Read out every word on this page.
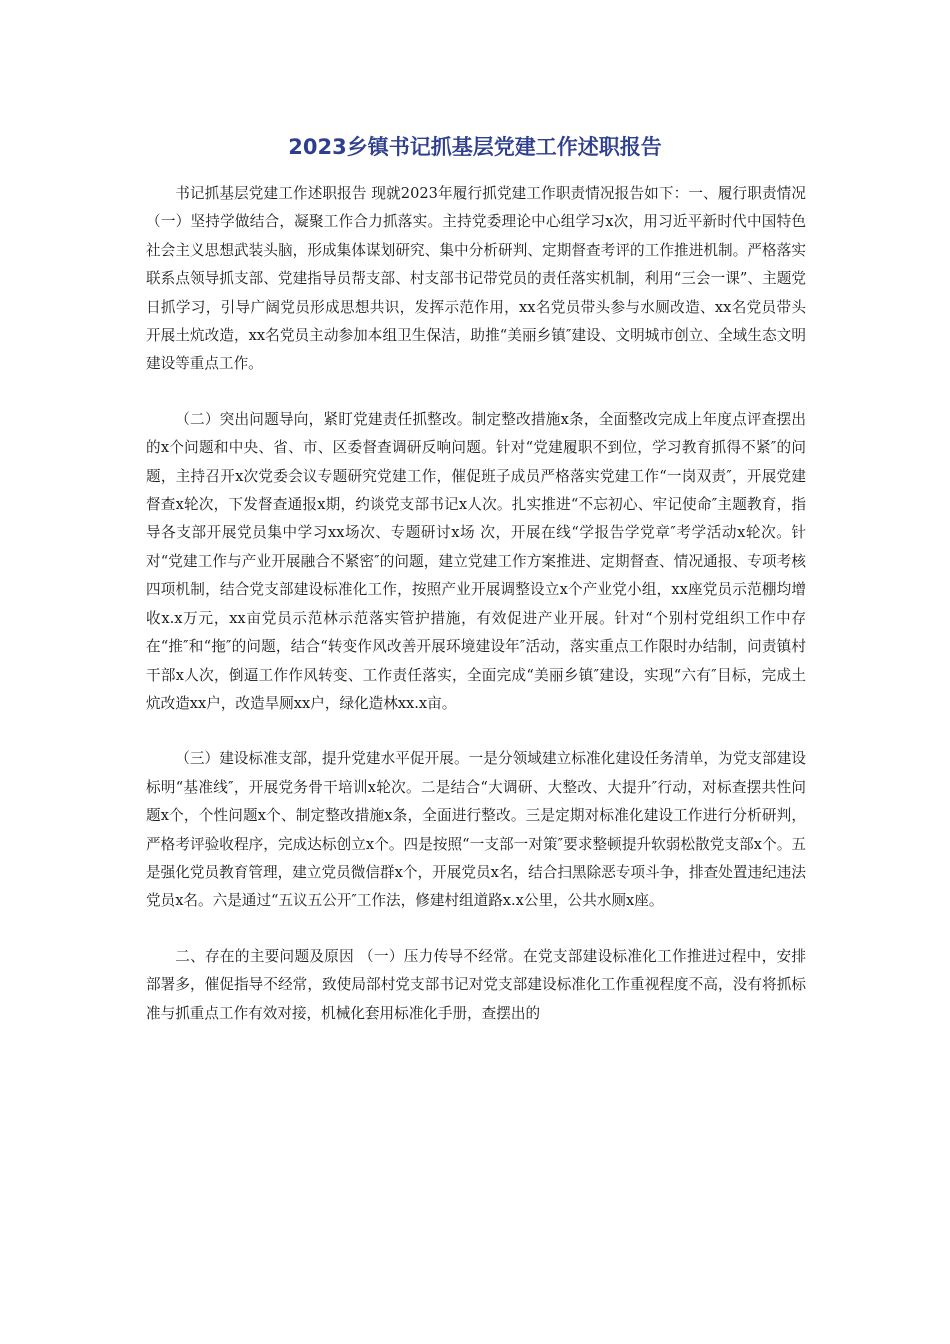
2023乡镇书记抓基层党建工作述职报告

书记抓基层党建工作述职报告 现就2023年履行抓党建工作职责情况报告如下：一、履行职责情况 （一）坚持学做结合，凝聚工作合力抓落实。主持党委理论中心组学习x次，用习近平新时代中国特色社会主义思想武装头脑，形成集体谋划研究、集中分析研判、定期督查考评的工作推进机制。严格落实联系点领导抓支部、党建指导员帮支部、村支部书记带党员的责任落实机制，利用“三会一课”、主题党日抓学习，引导广阔党员形成思想共识，发挥示范作用，xx名党员带头参与水厕改造、xx名党员带头开展土炕改造，xx名党员主动参加本组卫生保洁，助推“美丽乡镇″建设、文明城市创立、全域生态文明建设等重点工作。

（二）突出问题导向，紧盯党建责任抓整改。制定整改措施x条，全面整改完成上年度点评查摆出的x个问题和中央、省、市、区委督查调研反响问题。针对“党建履职不到位，学习教育抓得不紧″的问题，主持召开x次党委会议专题研究党建工作，催促班子成员严格落实党建工作“一岗双责″，开展党建督查x轮次，下发督查通报x期，约谈党支部书记x人次。扎实推进“不忘初心、牢记使命″主题教育，指导各支部开展党员集中学习xx场次、专题研讨x场 次，开展在线“学报告学党章″考学活动x轮次。针对“党建工作与产业开展融合不紧密″的问题，建立党建工作方案推进、定期督查、情况通报、专项考核四项机制，结合党支部建设标准化工作，按照产业开展调整设立x个产业党小组，xx座党员示范棚均增收x.x万元，xx亩党员示范林示范落实管护措施，有效促进产业开展。针对“个别村党组织工作中存在“推″和“拖″的问题，结合“转变作风改善开展环境建设年″活动，落实重点工作限时办结制，问责镇村干部x人次，倒逼工作作风转变、工作责任落实，全面完成“美丽乡镇″建设，实现“六有″目标，完成土炕改造xx户，改造旱厕xx户，绿化造林xx.x亩。

（三）建设标准支部，提升党建水平促开展。一是分领域建立标准化建设任务清单，为党支部建设标明“基准线″，开展党务骨干培训x轮次。二是结合“大调研、大整改、大提升″行动，对标查摆共性问题x个，个性问题x个、制定整改措施x条，全面进行整改。三是定期对标准化建设工作进行分析研判，严格考评验收程序，完成达标创立x个。四是按照“一支部一对策″要求整顿提升软弱松散党支部x个。五是强化党员教育管理，建立党员微信群x个，开展党员x名，结合扫黑除恶专项斗争，排查处置违纪违法党员x名。六是通过“五议五公开″工作法，修建村组道路x.x公里，公共水厕x座。

二、存在的主要问题及原因 （一）压力传导不经常。在党支部建设标准化工作推进过程中，安排部署多，催促指导不经常，致使局部村党支部书记对党支部建设标准化工作重视程度不高，没有将抓标准与抓重点工作有效对接，机械化套用标准化手册，查摆出的
